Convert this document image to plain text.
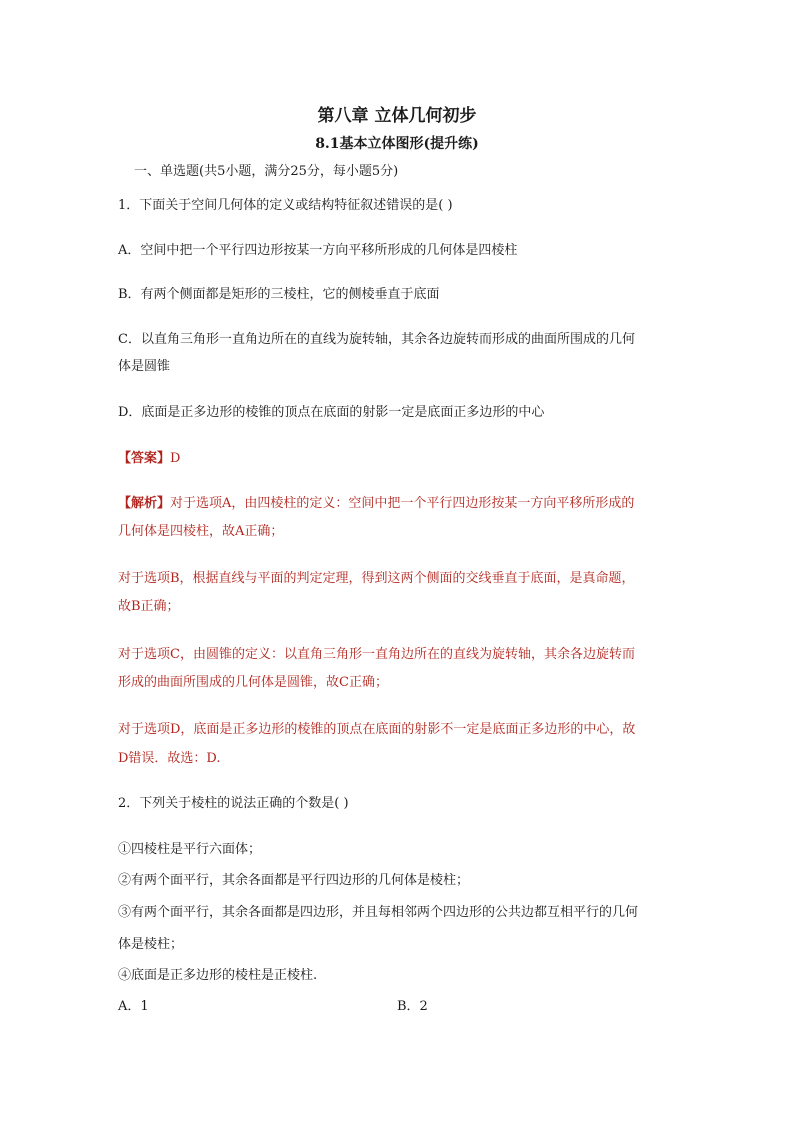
第八章 立体几何初步
8.1基本立体图形(提升练)
一、单选题(共5小题，满分25分，每小题5分)
1．下面关于空间几何体的定义或结构特征叙述错误的是( )
A．空间中把一个平行四边形按某一方向平移所形成的几何体是四棱柱
B．有两个侧面都是矩形的三棱柱，它的侧棱垂直于底面
C．以直角三角形一直角边所在的直线为旋转轴，其余各边旋转而形成的曲面所围成的几何
体是圆锥
D．底面是正多边形的棱锥的顶点在底面的射影一定是底面正多边形的中心
【答案】D
【解析】对于选项A，由四棱柱的定义：空间中把一个平行四边形按某一方向平移所形成的
几何体是四棱柱，故A正确；
对于选项B，根据直线与平面的判定定理，得到这两个侧面的交线垂直于底面，是真命题，
故B正确；
对于选项C，由圆锥的定义：以直角三角形一直角边所在的直线为旋转轴，其余各边旋转而
形成的曲面所围成的几何体是圆锥，故C正确；
对于选项D，底面是正多边形的棱锥的顶点在底面的射影不一定是底面正多边形的中心，故
D错误．故选：D.
2．下列关于棱柱的说法正确的个数是( )
①四棱柱是平行六面体；
②有两个面平行，其余各面都是平行四边形的几何体是棱柱；
③有两个面平行，其余各面都是四边形，并且每相邻两个四边形的公共边都互相平行的几何
体是棱柱；
④底面是正多边形的棱柱是正棱柱.
A．1	B．2
